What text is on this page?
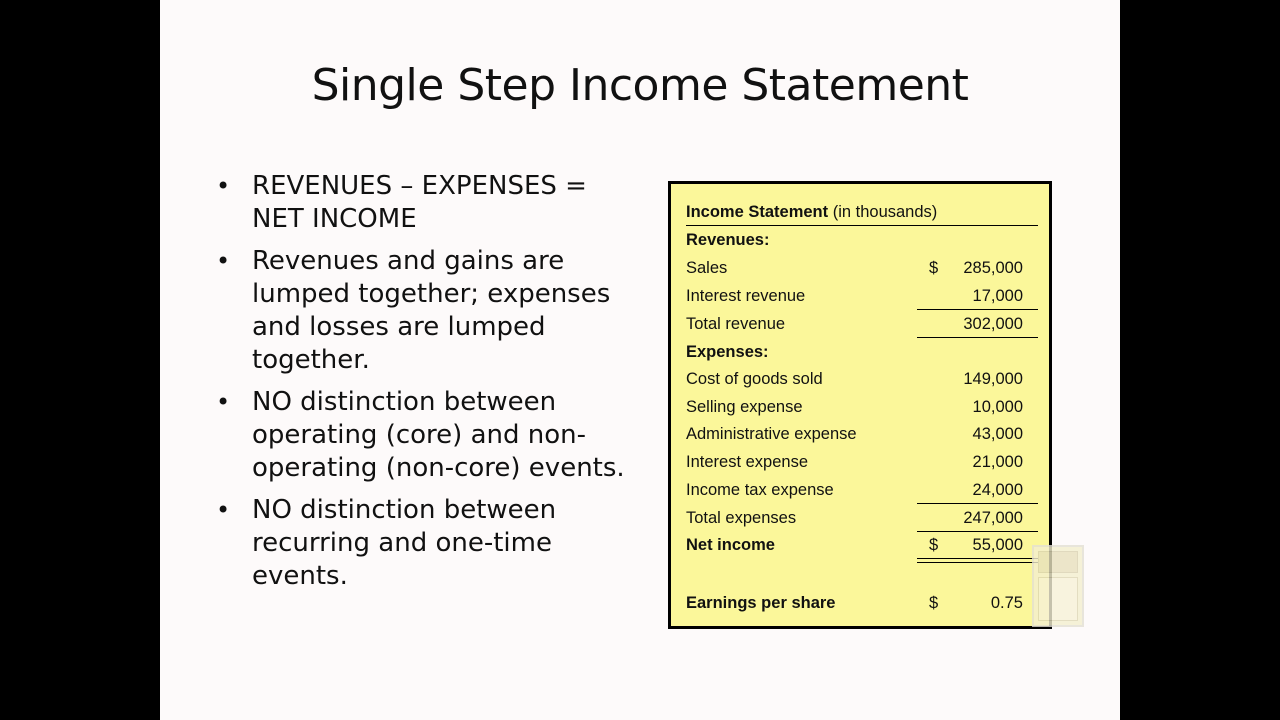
Single Step Income Statement
• REVENUES – EXPENSES = NET INCOME
• Revenues and gains are lumped together; expenses and losses are lumped together.
• NO distinction between operating (core) and non-operating (non-core) events.
• NO distinction between recurring and one-time events.
Income Statement (in thousands)
Revenues:
Sales	$ 285,000
Interest revenue	17,000
Total revenue	302,000
Expenses:
Cost of goods sold	149,000
Selling expense	10,000
Administrative expense	43,000
Interest expense	21,000
Income tax expense	24,000
Total expenses	247,000
Net income	$ 55,000
Earnings per share	$	0.75
